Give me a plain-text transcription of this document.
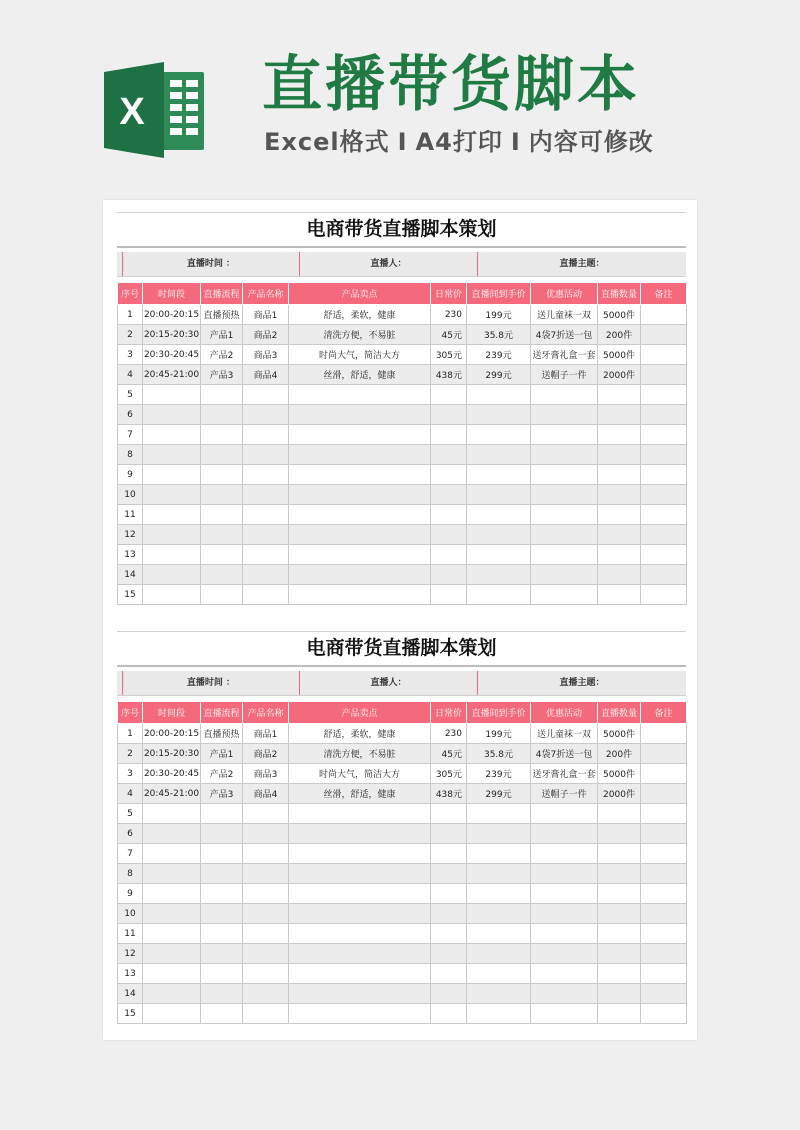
X 直播带货脚本
Excel格式 I A4打印 I 内容可修改
电商带货直播脚本策划
直播时间 ：	直播人：	直播主题：
序号	时间段	直播流程	产品名称	产品卖点	日常价	直播间到手价	优惠活动	直播数量	备注
1	20:00-20:15	直播预热	商品1	舒适，柔软，健康	230	199元	送儿童袜一双	5000件	
2	20:15-20:30	产品1	商品2	清洗方便，不易脏	45元	35.8元	4袋7折送一包	200件	
3	20:30-20:45	产品2	商品3	时尚大气，简洁大方	305元	239元	送牙膏礼盒一套	5000件	
4	20:45-21:00	产品3	商品4	丝滑，舒适，健康	438元	299元	送帽子一件	2000件	
5									
6									
7									
8									
9									
10									
11									
12									
13									
14									
15									
电商带货直播脚本策划
直播时间 ：	直播人：	直播主题：
序号	时间段	直播流程	产品名称	产品卖点	日常价	直播间到手价	优惠活动	直播数量	备注
1	20:00-20:15	直播预热	商品1	舒适，柔软，健康	230	199元	送儿童袜一双	5000件	
2	20:15-20:30	产品1	商品2	清洗方便，不易脏	45元	35.8元	4袋7折送一包	200件	
3	20:30-20:45	产品2	商品3	时尚大气，简洁大方	305元	239元	送牙膏礼盒一套	5000件	
4	20:45-21:00	产品3	商品4	丝滑，舒适，健康	438元	299元	送帽子一件	2000件	
5									
6									
7									
8									
9									
10									
11									
12									
13									
14									
15									
